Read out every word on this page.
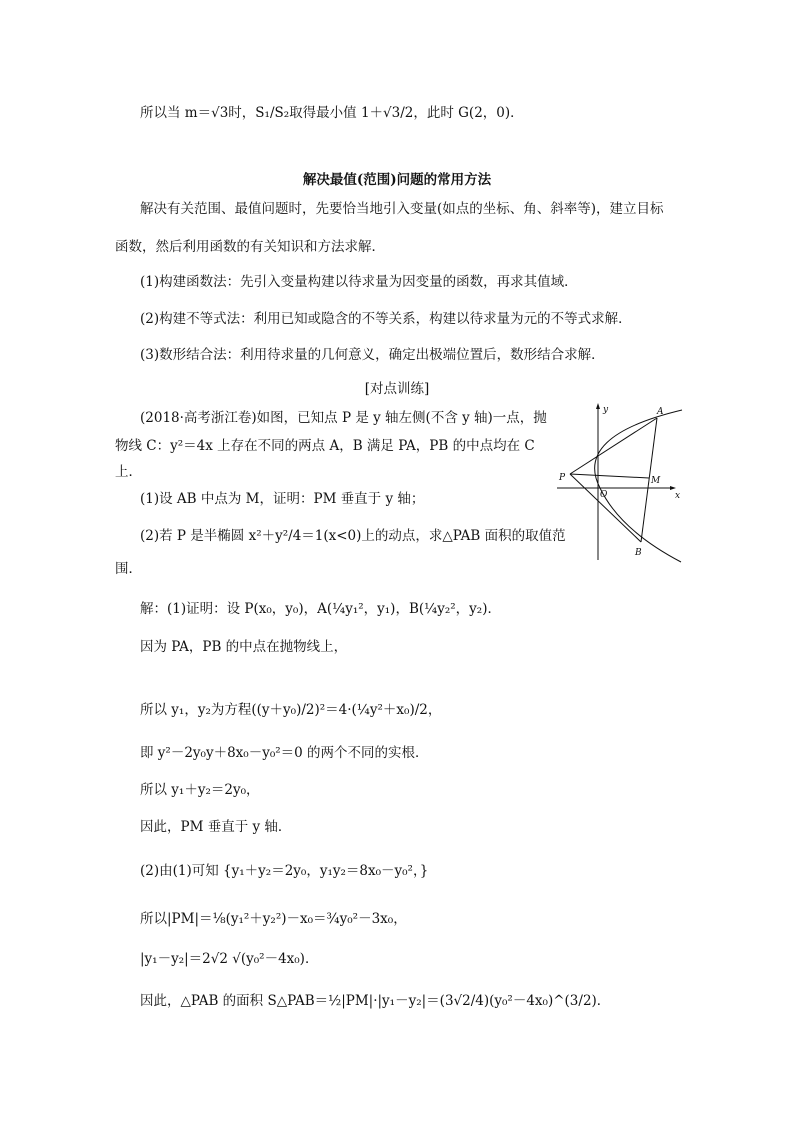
所以当 m＝√3时，S₁/S₂取得最小值 1＋√3/2，此时 G(2，0)．
解决最值(范围)问题的常用方法
解决有关范围、最值问题时，先要恰当地引入变量(如点的坐标、角、斜率等)，建立目标
函数，然后利用函数的有关知识和方法求解．
(1)构建函数法：先引入变量构建以待求量为因变量的函数，再求其值域．
(2)构建不等式法：利用已知或隐含的不等关系，构建以待求量为元的不等式求解．
(3)数形结合法：利用待求量的几何意义，确定出极端位置后，数形结合求解．
[对点训练]
(2018·高考浙江卷)如图，已知点 P 是 y 轴左侧(不含 y 轴)一点，抛
物线 C：y²＝4x 上存在不同的两点 A，B 满足 PA，PB 的中点均在 C
上．
(1)设 AB 中点为 M，证明：PM 垂直于 y 轴；
(2)若 P 是半椭圆 x²＋y²/4＝1(x<0)上的动点，求△PAB 面积的取值范
围．
y	A
P
O
M
x
B
解：(1)证明：设 P(x₀，y₀)，A(¼y₁²，y₁)，B(¼y₂²，y₂)．
因为 PA，PB 的中点在抛物线上，
所以 y₁，y₂为方程((y＋y₀)/2)²＝4·(¼y²＋x₀)/2，
即 y²－2y₀y＋8x₀－y₀²＝0 的两个不同的实根．
所以 y₁＋y₂＝2y₀，
因此，PM 垂直于 y 轴．
(2)由(1)可知 {y₁＋y₂＝2y₀，y₁y₂＝8x₀－y₀²，}
所以|PM|＝⅛(y₁²＋y₂²)－x₀＝¾y₀²－3x₀，
|y₁－y₂|＝2√2 √(y₀²－4x₀)．
因此，△PAB 的面积 S△PAB＝½|PM|·|y₁－y₂|＝(3√2/4)(y₀²－4x₀)^(3/2)．
